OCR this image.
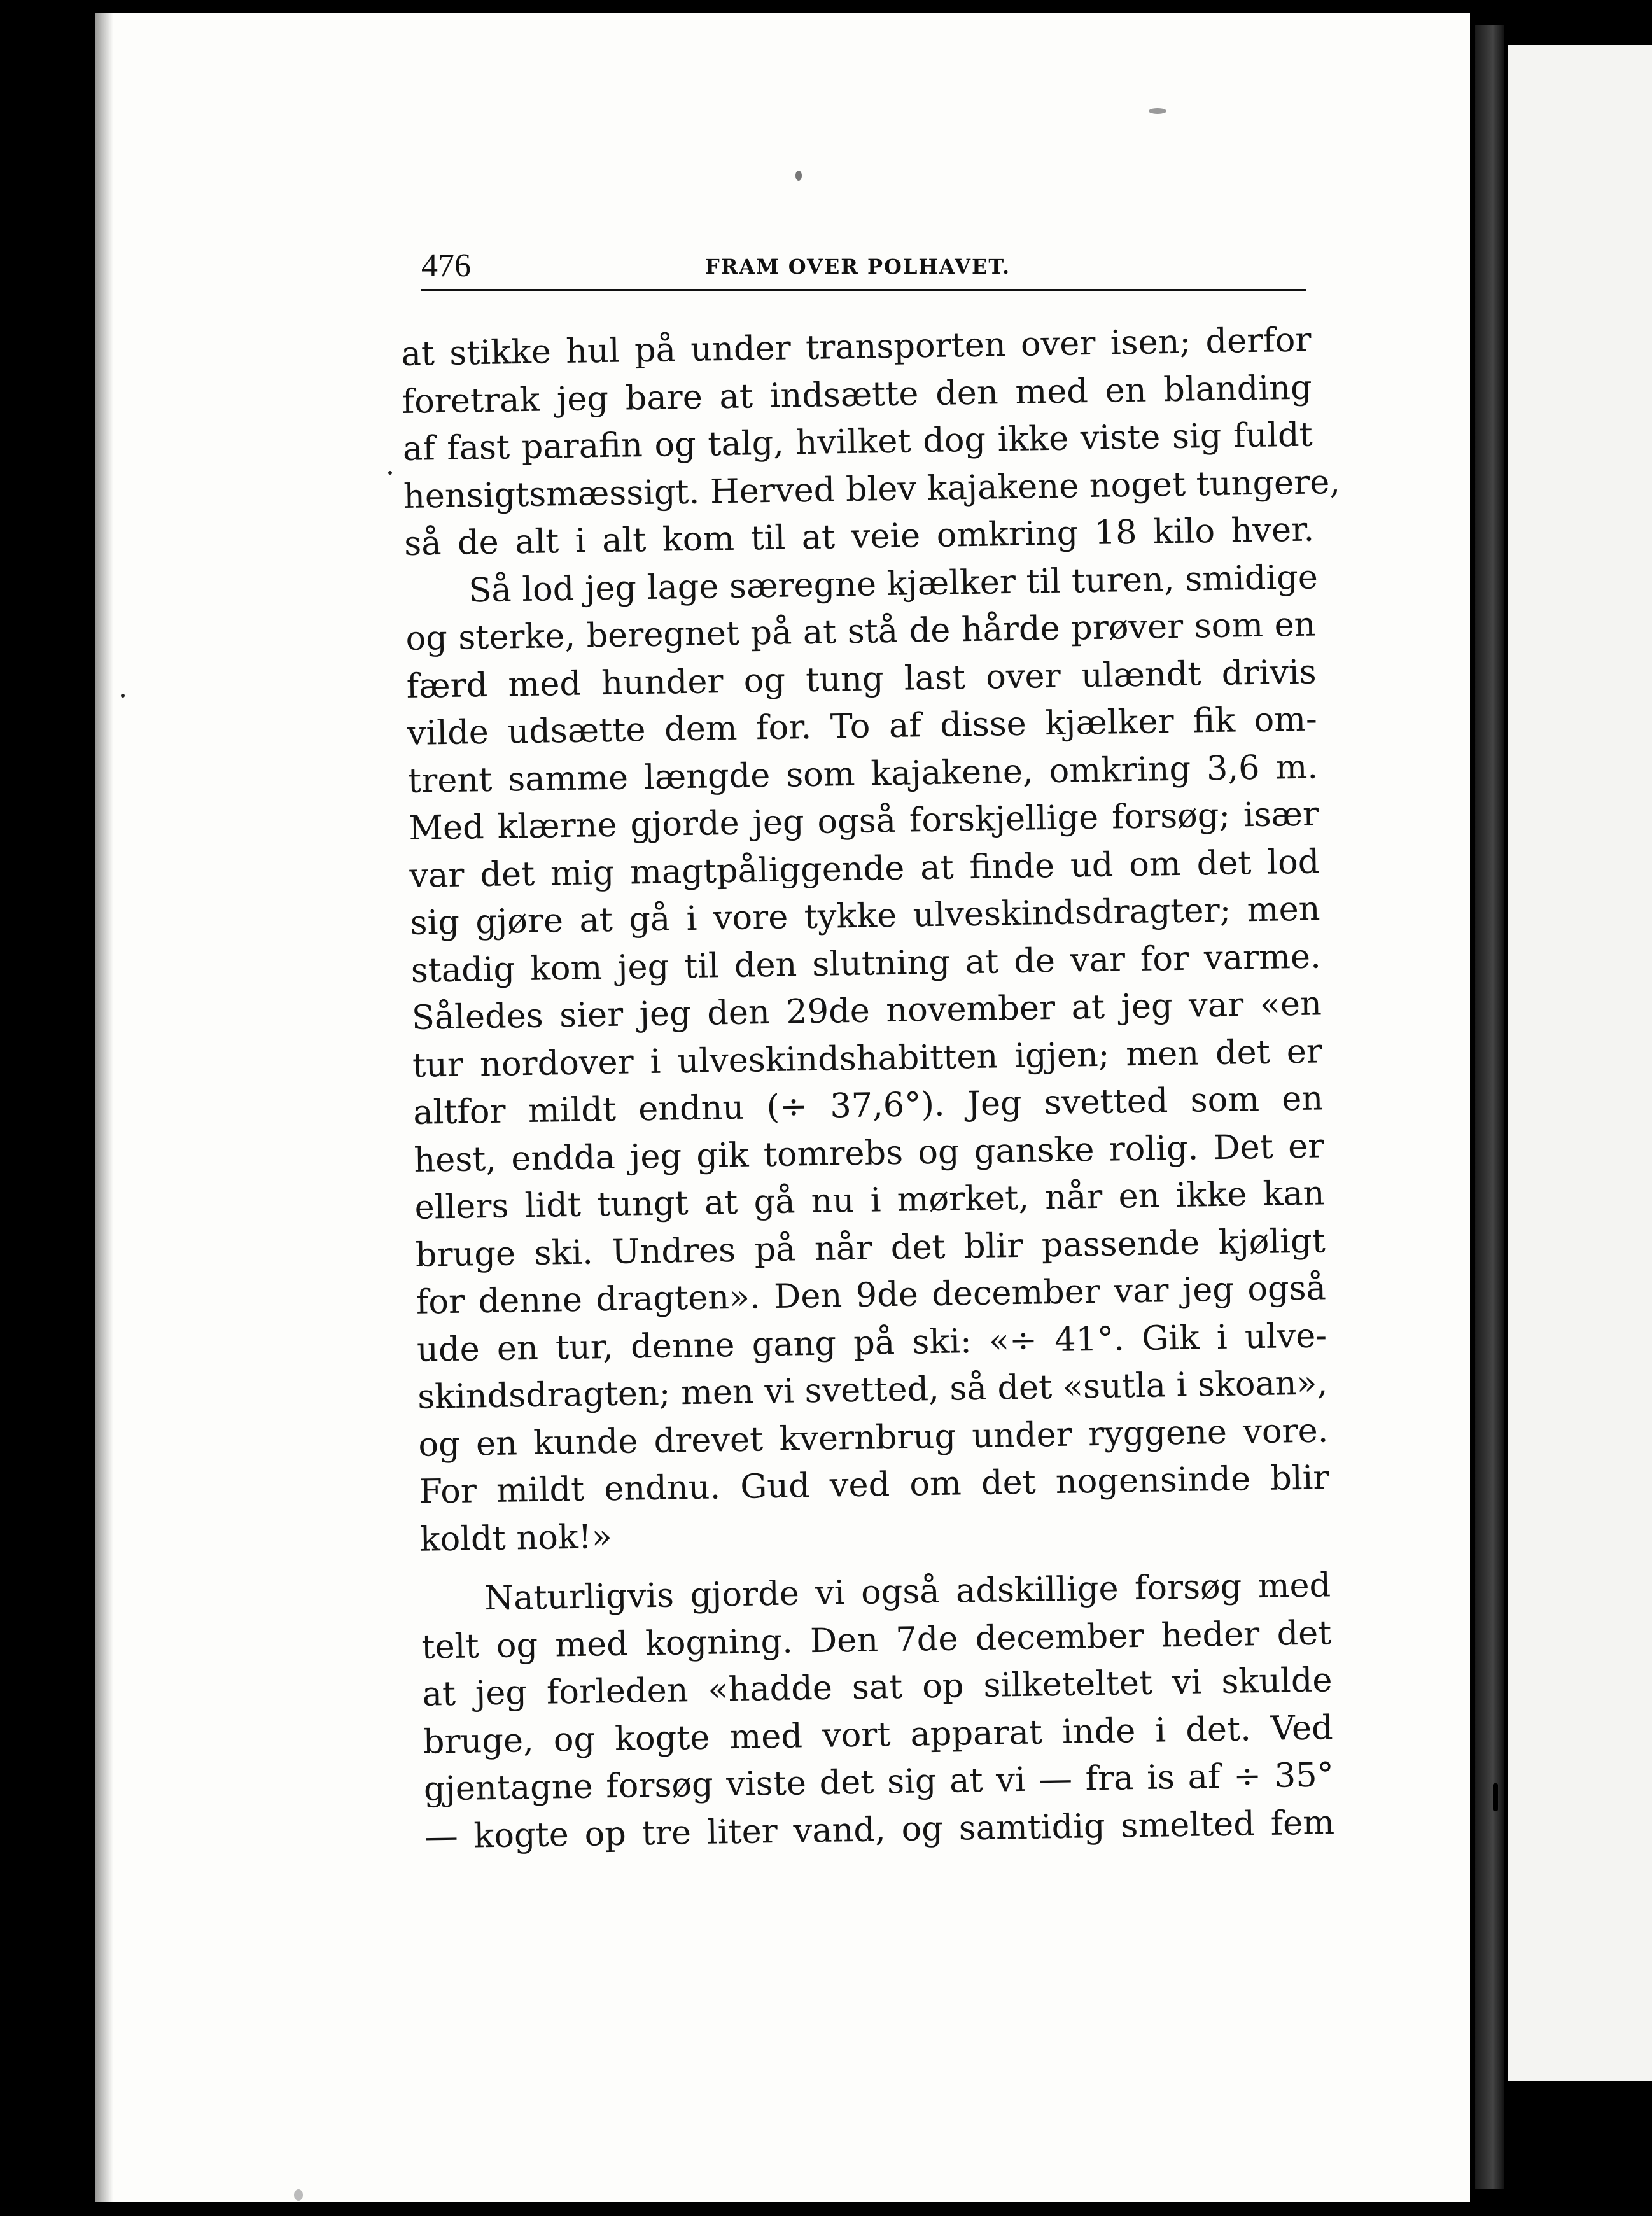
476	FRAM OVER POLHAVET.
at stikke hul på under transporten over isen; derfor
foretrak jeg bare at indsætte den med en blanding
af fast parafin og talg, hvilket dog ikke viste sig fuldt
hensigtsmæssigt. Herved blev kajakene noget tungere,
så de alt i alt kom til at veie omkring 18 kilo hver.
Så lod jeg lage særegne kjælker til turen, smidige
og sterke, beregnet på at stå de hårde prøver som en
færd med hunder og tung last over ulændt drivis
vilde udsætte dem for. To af disse kjælker fik om-
trent samme længde som kajakene, omkring 3,6 m.
Med klærne gjorde jeg også forskjellige forsøg; især
var det mig magtpåliggende at finde ud om det lod
sig gjøre at gå i vore tykke ulveskindsdragter; men
stadig kom jeg til den slutning at de var for varme.
Således sier jeg den 29de november at jeg var «en
tur nordover i ulveskindshabitten igjen; men det er
altfor mildt endnu (÷ 37,6°). Jeg svetted som en
hest, endda jeg gik tomrebs og ganske rolig. Det er
ellers lidt tungt at gå nu i mørket, når en ikke kan
bruge ski. Undres på når det blir passende kjøligt
for denne dragten». Den 9de december var jeg også
ude en tur, denne gang på ski: «÷ 41°. Gik i ulve-
skindsdragten; men vi svetted, så det «sutla i skoan»,
og en kunde drevet kvernbrug under ryggene vore.
For mildt endnu. Gud ved om det nogensinde blir
koldt nok!»
Naturligvis gjorde vi også adskillige forsøg med
telt og med kogning. Den 7de december heder det
at jeg forleden «hadde sat op silketeltet vi skulde
bruge, og kogte med vort apparat inde i det. Ved
gjentagne forsøg viste det sig at vi — fra is af ÷ 35°
— kogte op tre liter vand, og samtidig smelted fem
